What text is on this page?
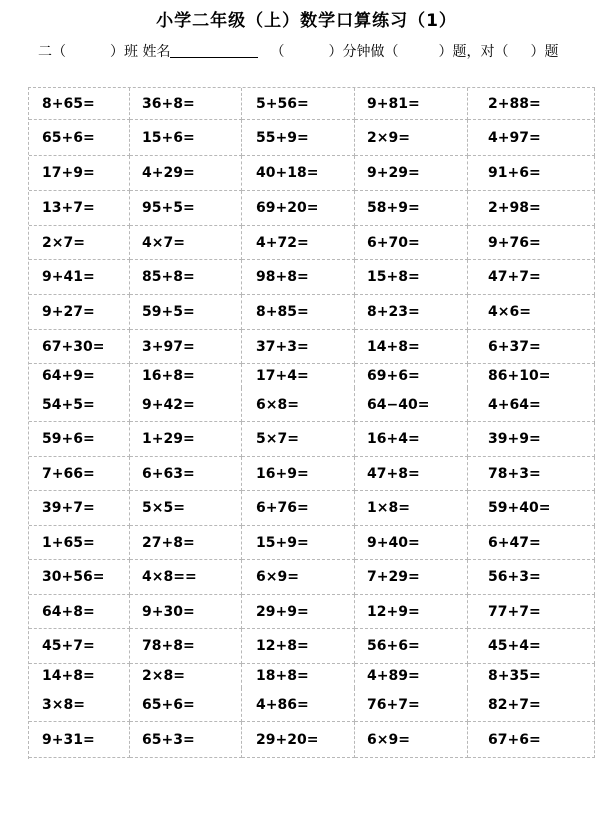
小学二年级（上）数学口算练习（1）
二（	）班 姓名	（	）分钟做（	）题，对（ ）题
8+65=	36+8=	5+56=	9+81=	2+88=
65+6=	15+6=	55+9=	2×9=	4+97=
17+9=	4+29=	40+18=	9+29=	91+6=
13+7=	95+5=	69+20=	58+9=	2+98=
2×7=	4×7=	4+72=	6+70=	9+76=
9+41=	85+8=	98+8=	15+8=	47+7=
9+27=	59+5=	8+85=	8+23=	4×6=
67+30=	3+97=	37+3=	14+8=	6+37=
64+9=	16+8=	17+4=	69+6=	86+10=
54+5=	9+42=	6×8=	64−40=	4+64=
59+6=	1+29=	5×7=	16+4=	39+9=
7+66=	6+63=	16+9=	47+8=	78+3=
39+7=	5×5=	6+76=	1×8=	59+40=
1+65=	27+8=	15+9=	9+40=	6+47=
30+56=	4×8==	6×9=	7+29=	56+3=
64+8=	9+30=	29+9=	12+9=	77+7=
45+7=	78+8=	12+8=	56+6=	45+4=
14+8=	2×8=	18+8=	4+89=	8+35=
3×8=	65+6=	4+86=	76+7=	82+7=
9+31=	65+3=	29+20=	6×9=	67+6=
